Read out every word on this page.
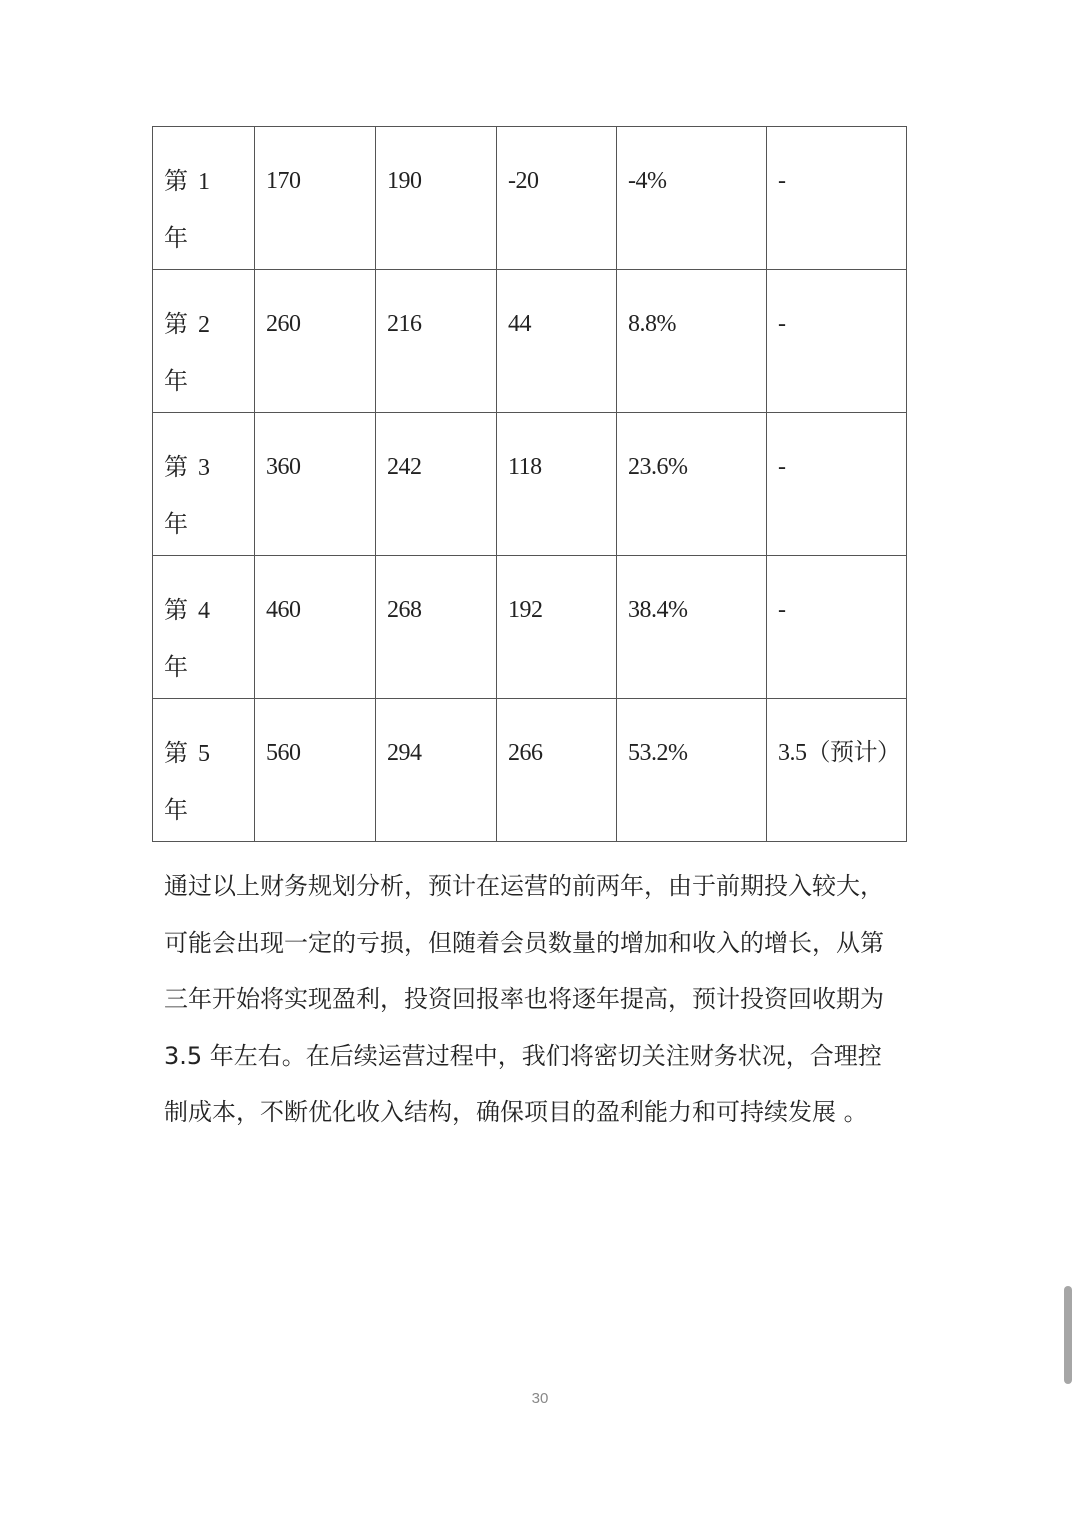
第 1
年	170	190	-20	-4%	-

第 2
年	260	216	44	8.8%	-

第 3
年	360	242	118	23.6%	-

第 4
年	460	268	192	38.4%	-

第 5
年	560	294	266	53.2%	3.5（预计）

通过以上财务规划分析，预计在运营的前两年，由于前期投入较大，
可能会出现一定的亏损，但随着会员数量的增加和收入的增长，从第
三年开始将实现盈利，投资回报率也将逐年提高，预计投资回收期为
3.5 年左右。在后续运营过程中，我们将密切关注财务状况，合理控
制成本，不断优化收入结构，确保项目的盈利能力和可持续发展 。

30
